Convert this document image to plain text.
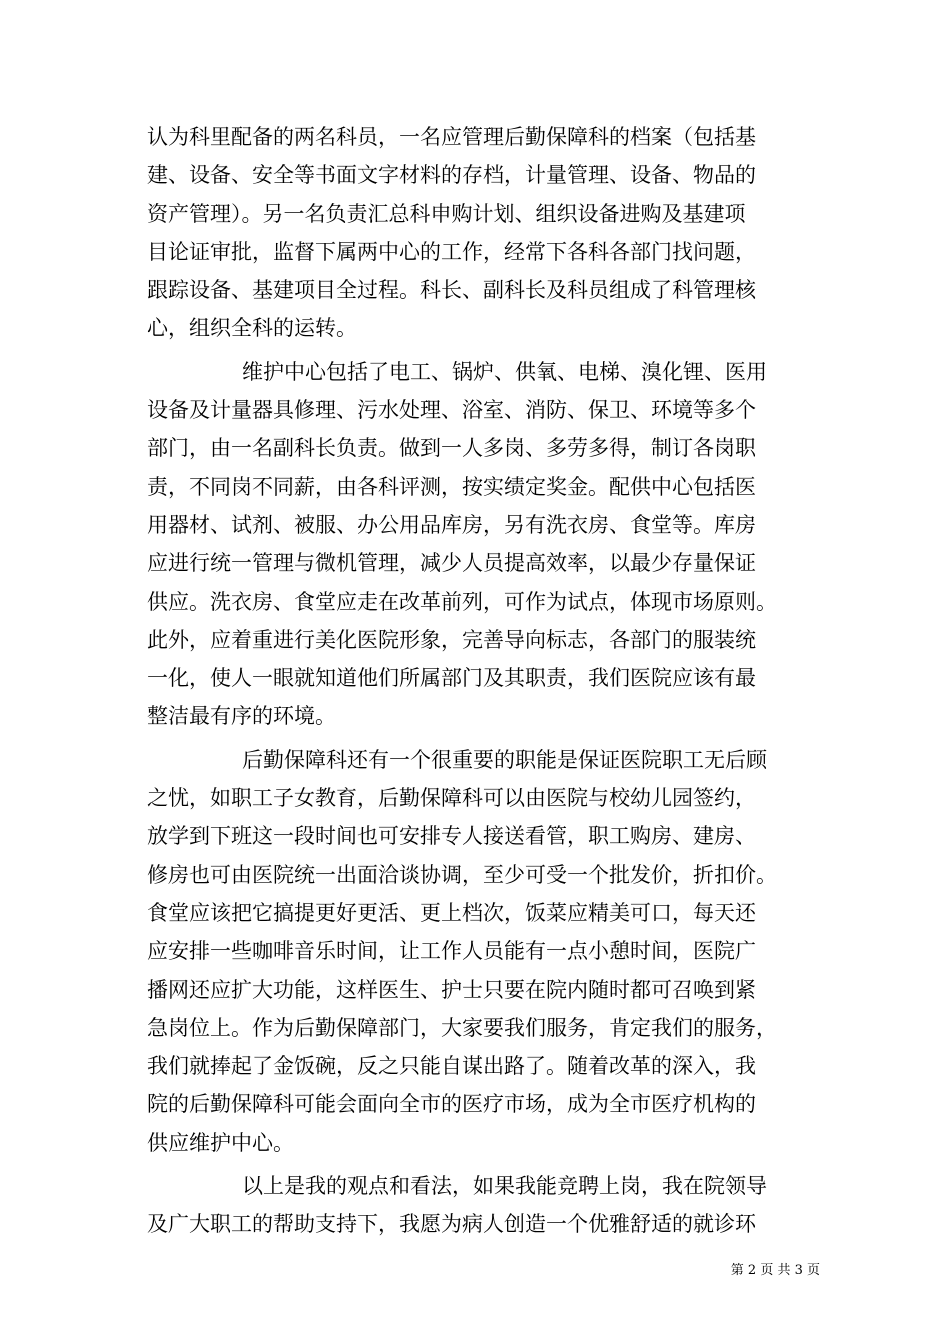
认为科里配备的两名科员，一名应管理后勤保障科的档案（包括基
建、设备、安全等书面文字材料的存档，计量管理、设备、物品的
资产管理）。另一名负责汇总科申购计划、组织设备进购及基建项
目论证审批，监督下属两中心的工作，经常下各科各部门找问题，
跟踪设备、基建项目全过程。科长、副科长及科员组成了科管理核
心，组织全科的运转。
维护中心包括了电工、锅炉、供氧、电梯、溴化锂、医用
设备及计量器具修理、污水处理、浴室、消防、保卫、环境等多个
部门，由一名副科长负责。做到一人多岗、多劳多得，制订各岗职
责，不同岗不同薪，由各科评测，按实绩定奖金。配供中心包括医
用器材、试剂、被服、办公用品库房，另有洗衣房、食堂等。库房
应进行统一管理与微机管理，减少人员提高效率，以最少存量保证
供应。洗衣房、食堂应走在改革前列，可作为试点，体现市场原则。
此外，应着重进行美化医院形象，完善导向标志，各部门的服装统
一化，使人一眼就知道他们所属部门及其职责，我们医院应该有最
整洁最有序的环境。
后勤保障科还有一个很重要的职能是保证医院职工无后顾
之忧，如职工子女教育，后勤保障科可以由医院与校幼儿园签约，
放学到下班这一段时间也可安排专人接送看管，职工购房、建房、
修房也可由医院统一出面洽谈协调，至少可受一个批发价，折扣价。
食堂应该把它搞提更好更活、更上档次，饭菜应精美可口，每天还
应安排一些咖啡音乐时间，让工作人员能有一点小憩时间，医院广
播网还应扩大功能，这样医生、护士只要在院内随时都可召唤到紧
急岗位上。作为后勤保障部门，大家要我们服务，肯定我们的服务，
我们就捧起了金饭碗，反之只能自谋出路了。随着改革的深入，我
院的后勤保障科可能会面向全市的医疗市场，成为全市医疗机构的
供应维护中心。
以上是我的观点和看法，如果我能竞聘上岗，我在院领导
及广大职工的帮助支持下，我愿为病人创造一个优雅舒适的就诊环
第 2 页 共 3 页
